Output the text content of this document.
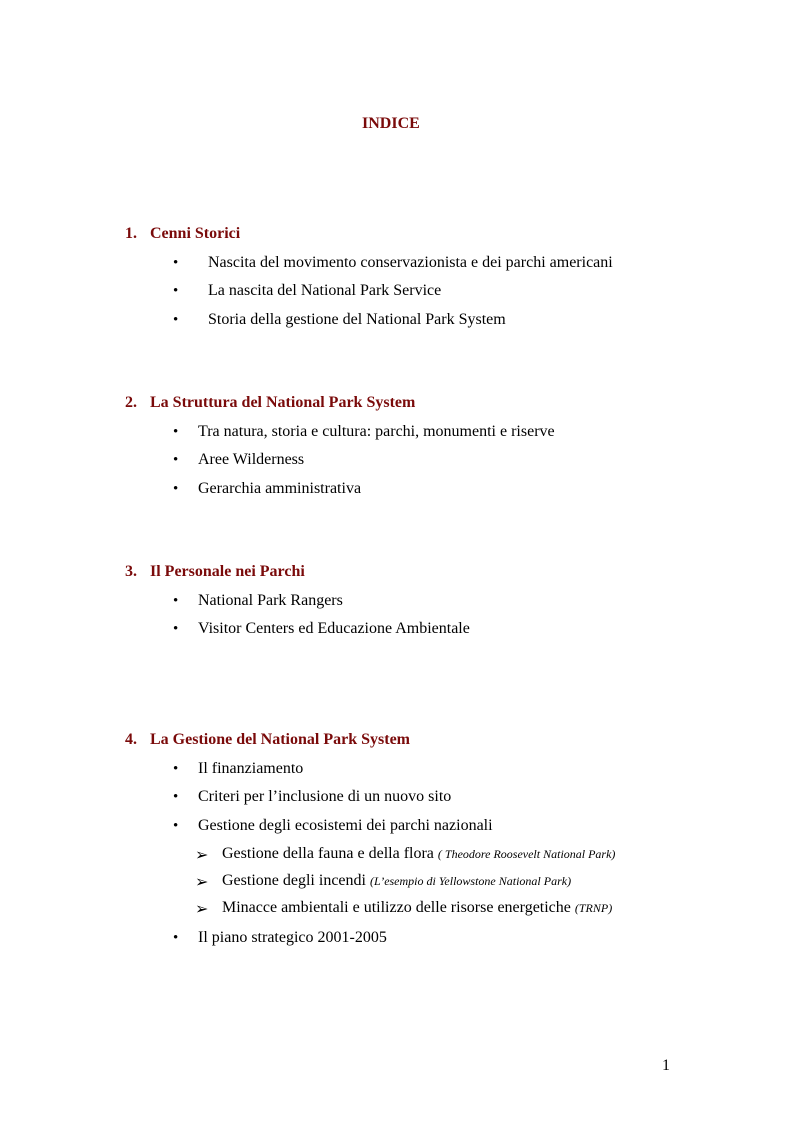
INDICE
1. Cenni Storici
• Nascita del movimento conservazionista e dei parchi americani
• La nascita del National Park Service
• Storia della gestione del National Park System
2. La Struttura del National Park System
• Tra natura, storia e cultura: parchi, monumenti e riserve
• Aree Wilderness
• Gerarchia amministrativa
3. Il Personale nei Parchi
• National Park Rangers
• Visitor Centers ed Educazione Ambientale
4. La Gestione del National Park System
• Il finanziamento
• Criteri per l’inclusione di un nuovo sito
• Gestione degli ecosistemi dei parchi nazionali
➢ Gestione della fauna e della flora ( Theodore Roosevelt National Park)
➢ Gestione degli incendi (L’esempio di Yellowstone National Park)
➢ Minacce ambientali e utilizzo delle risorse energetiche (TRNP)
• Il piano strategico 2001-2005
1
